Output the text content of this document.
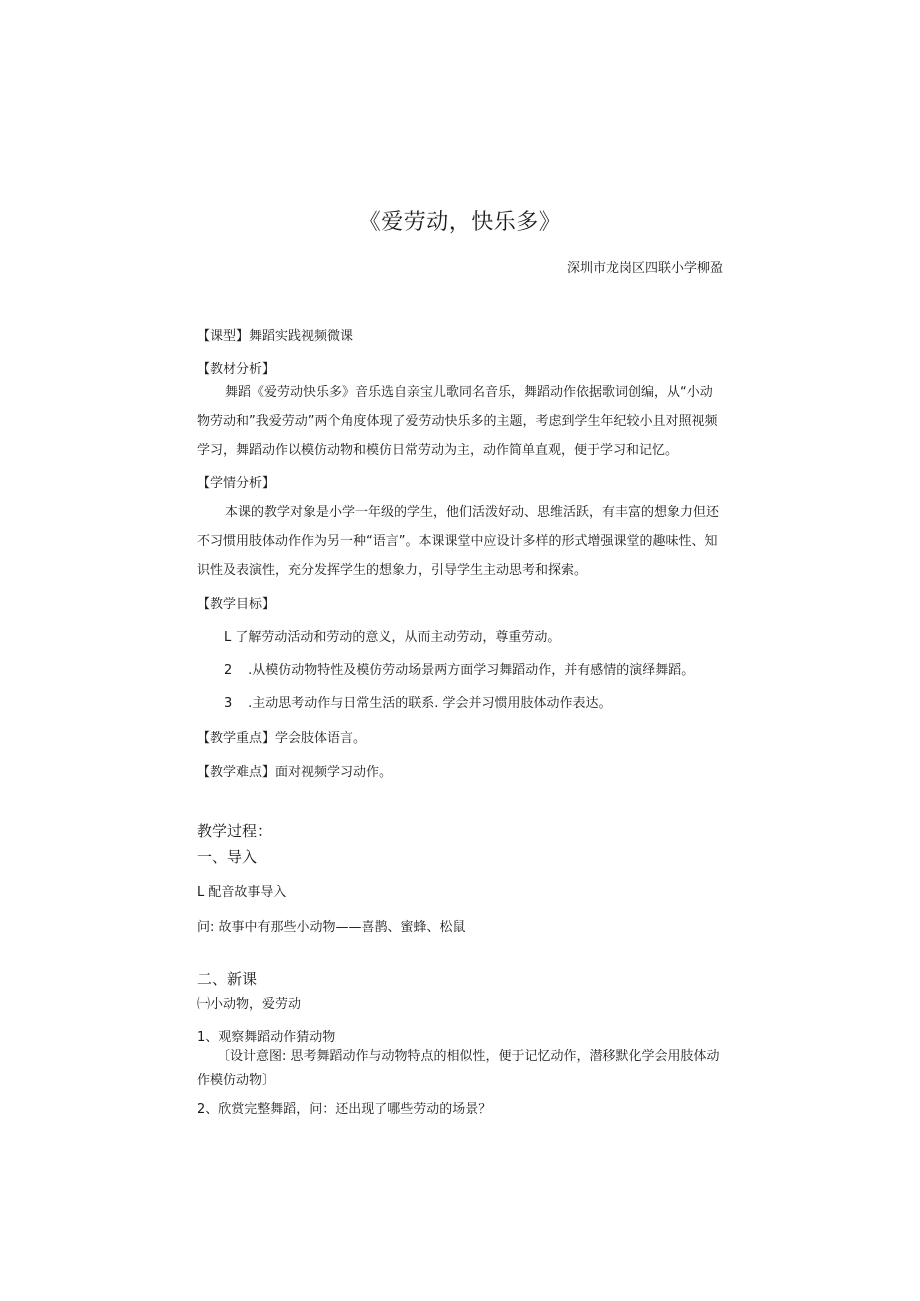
《爱劳动，快乐多》
深圳市龙岗区四联小学柳盈
【课型】舞蹈实践视频微课
【教材分析】
舞蹈《爱劳动快乐多》音乐选自亲宝儿歌同名音乐，舞蹈动作依据歌词创编，从“小动物劳动和”我爱劳动”两个角度体现了爱劳动快乐多的主题，考虑到学生年纪较小且对照视频学习，舞蹈动作以模仿动物和模仿日常劳动为主，动作简单直观，便于学习和记忆。
【学情分析】
本课的教学对象是小学一年级的学生，他们活泼好动、思维活跃，有丰富的想象力但还不习惯用肢体动作作为另一种“语言”。本课课堂中应设计多样的形式增强课堂的趣味性、知识性及表演性，充分发挥学生的想象力，引导学生主动思考和探索。
【教学目标】
L 了解劳动活动和劳动的意义，从而主动劳动，尊重劳动。
2 .从模仿动物特性及模仿劳动场景两方面学习舞蹈动作，并有感情的演绎舞蹈。
3 .主动思考动作与日常生活的联系. 学会并习惯用肢体动作表达。
【教学重点】学会肢体语言。
【教学难点】面对视频学习动作。
教学过程：
一、导入
L 配音故事导入
问: 故事中有那些小动物——喜鹊、蜜蜂、松鼠
二、新课
㈠小动物，爱劳动
1、观察舞蹈动作猜动物
〔设计意图: 思考舞蹈动作与动物特点的相似性，便于记忆动作，潜移默化学会用肢体动作模仿动物〕
2、欣赏完整舞蹈，问：还出现了哪些劳动的场景？
